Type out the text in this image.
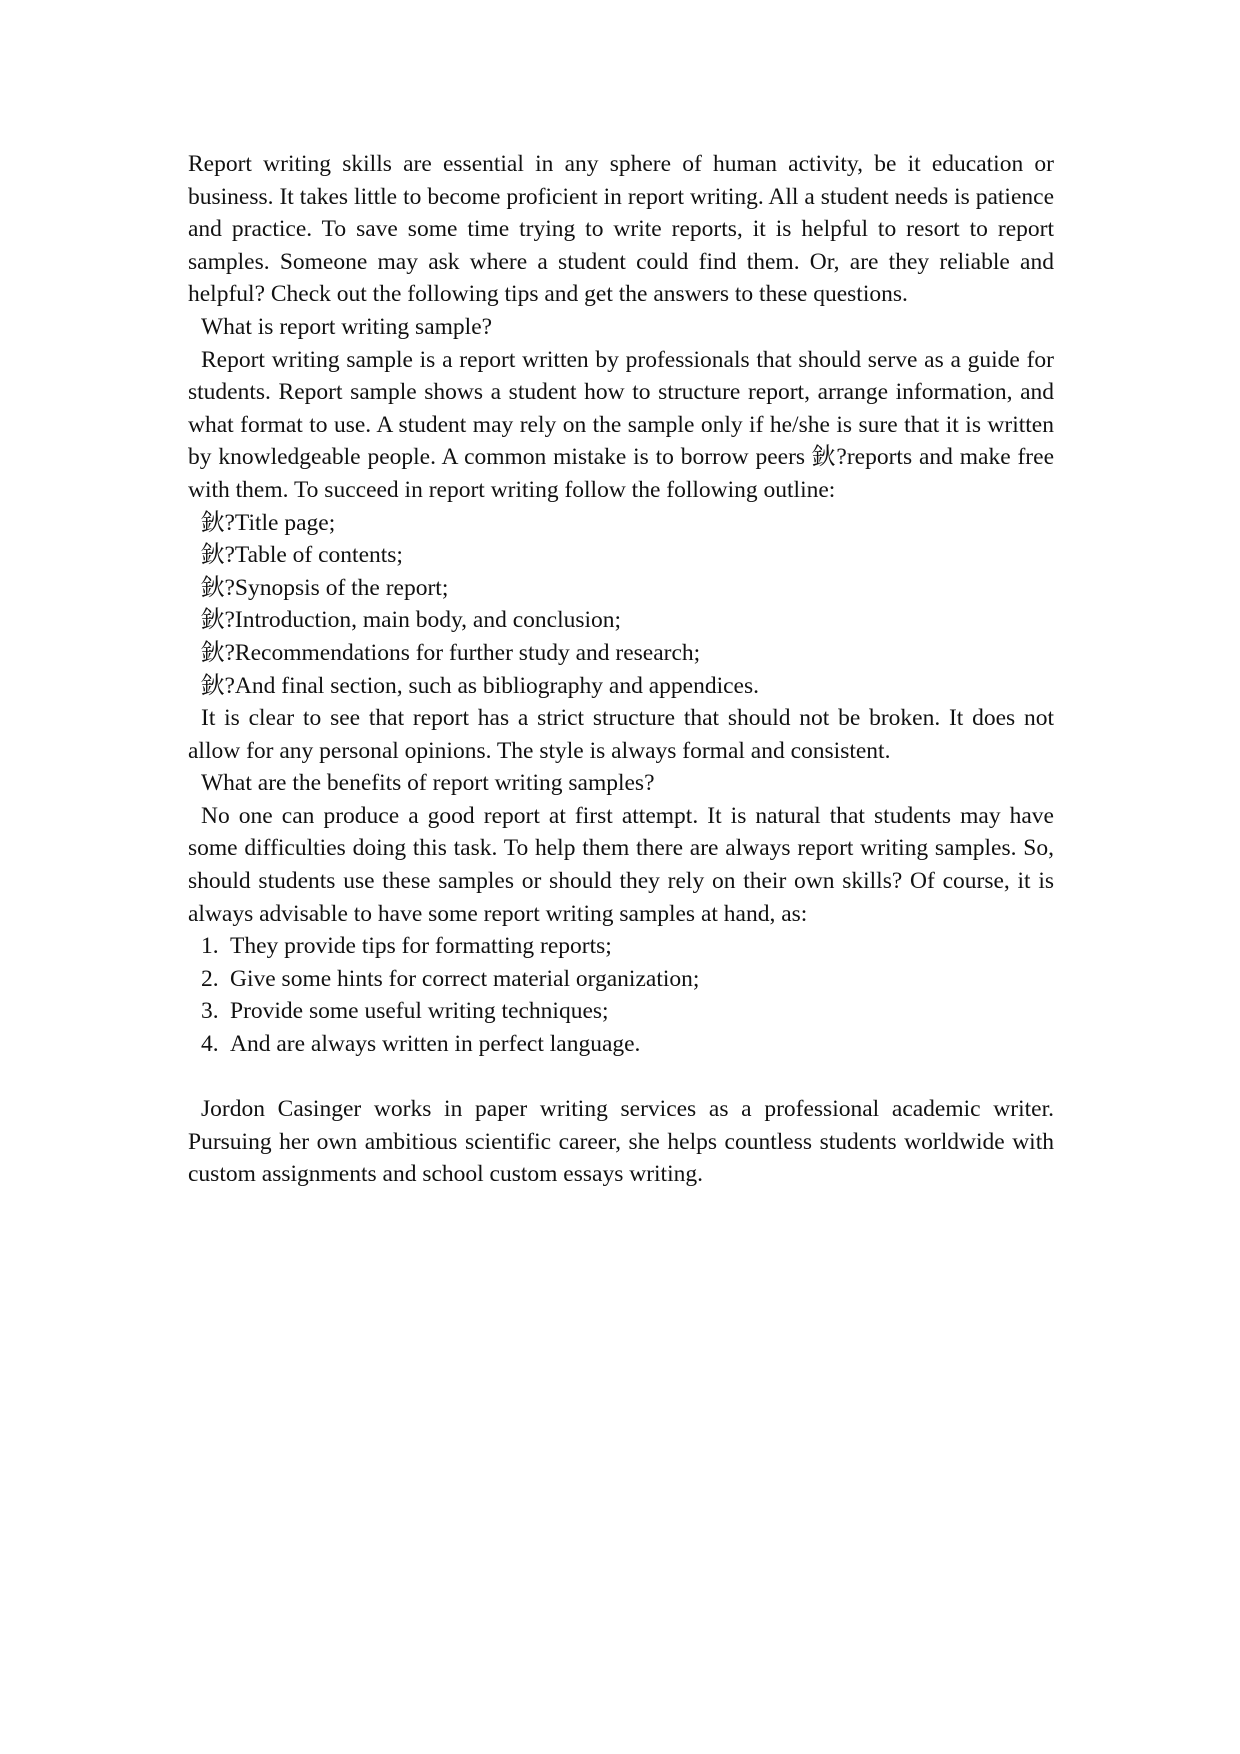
Report writing skills are essential in any sphere of human activity, be it education or business. It takes little to become proficient in report writing. All a student needs is patience and practice. To save some time trying to write reports, it is helpful to resort to report samples. Someone may ask where a student could find them. Or, are they reliable and helpful? Check out the following tips and get the answers to these questions.

What is report writing sample?

Report writing sample is a report written by professionals that should serve as a guide for students. Report sample shows a student how to structure report, arrange information, and what format to use. A student may rely on the sample only if he/she is sure that it is written by knowledgeable people. A common mistake is to borrow peers 鈥?reports and make free with them. To succeed in report writing follow the following outline:

鈥?Title page;
鈥?Table of contents;
鈥?Synopsis of the report;
鈥?Introduction, main body, and conclusion;
鈥?Recommendations for further study and research;
鈥?And final section, such as bibliography and appendices.

It is clear to see that report has a strict structure that should not be broken. It does not allow for any personal opinions. The style is always formal and consistent.

What are the benefits of report writing samples?

No one can produce a good report at first attempt. It is natural that students may have some difficulties doing this task. To help them there are always report writing samples. So, should students use these samples or should they rely on their own skills? Of course, it is always advisable to have some report writing samples at hand, as:

1. They provide tips for formatting reports;
2. Give some hints for correct material organization;
3. Provide some useful writing techniques;
4. And are always written in perfect language.

Jordon Casinger works in paper writing services as a professional academic writer. Pursuing her own ambitious scientific career, she helps countless students worldwide with custom assignments and school custom essays writing.
